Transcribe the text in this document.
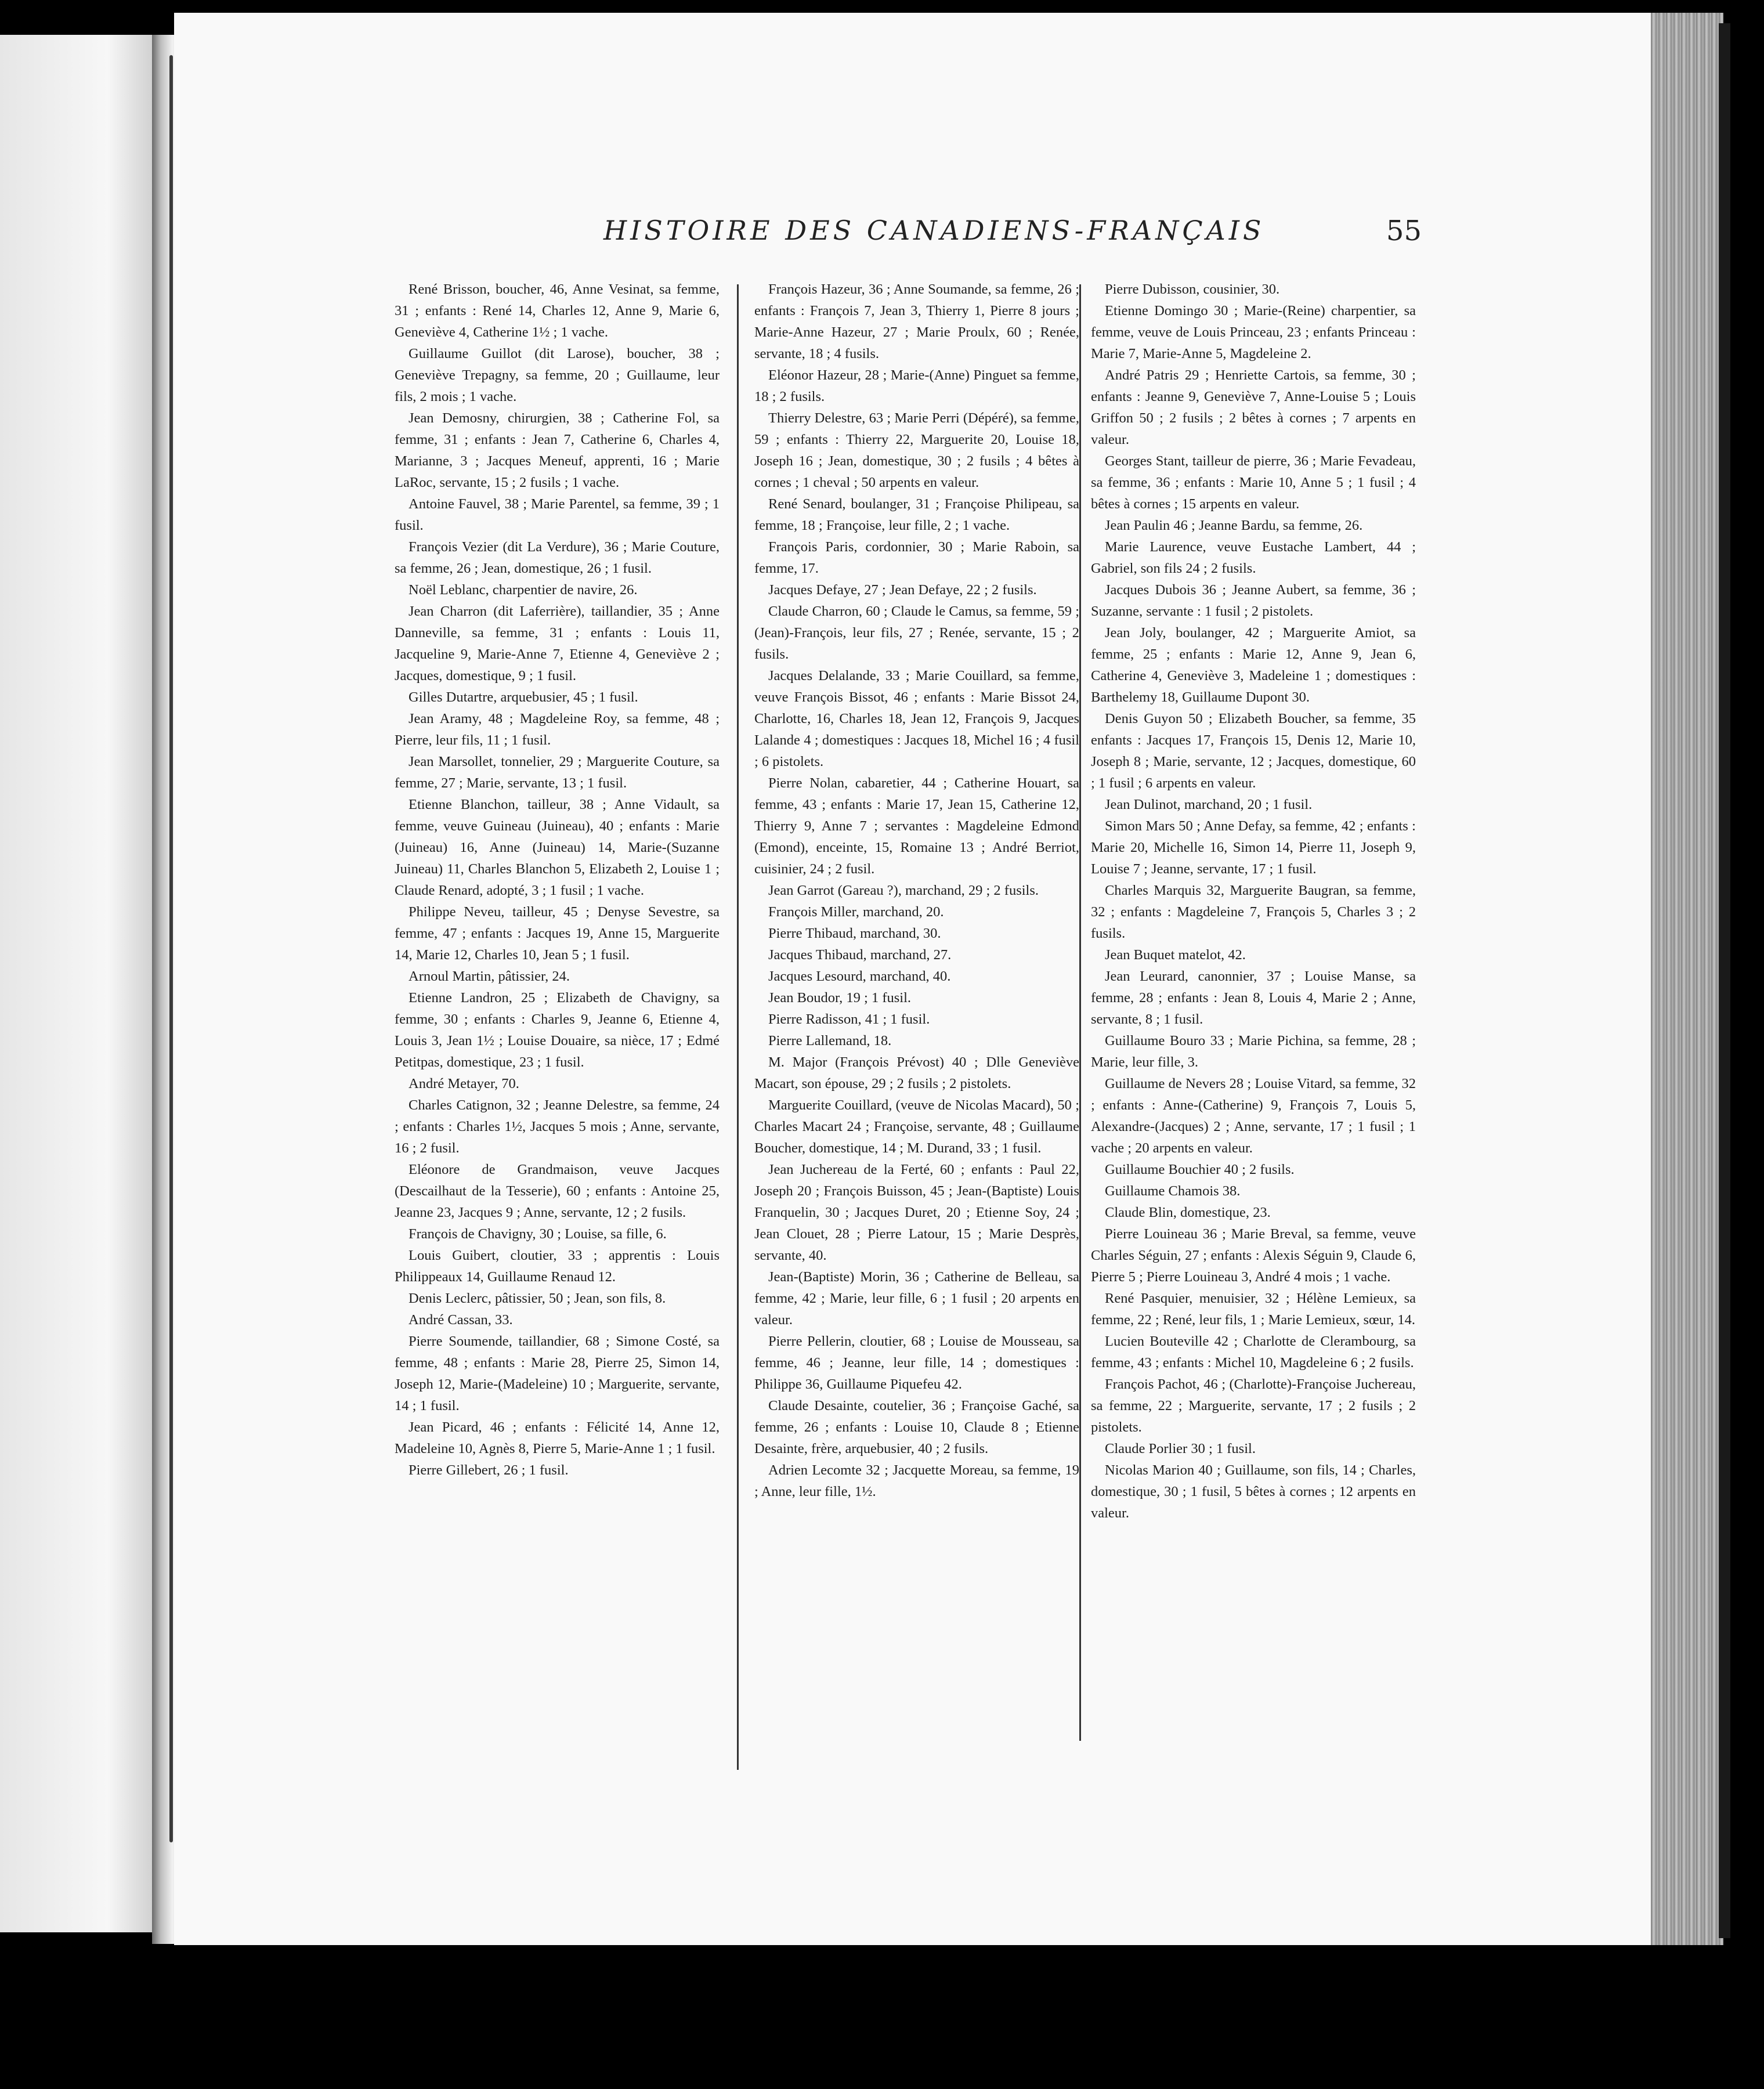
HISTOIRE DES CANADIENS-FRANÇAIS	55

René Brisson, boucher, 46, Anne Vesinat, sa femme, 31 ; enfants : René 14, Charles 12, Anne 9, Marie 6, Geneviève 4, Catherine 1½ ; 1 vache.

Guillaume Guillot (dit Larose), boucher, 38 ; Geneviève Trepagny, sa femme, 20 ; Guillaume, leur fils, 2 mois ; 1 vache.

Jean Demosny, chirurgien, 38 ; Catherine Fol, sa femme, 31 ; enfants : Jean 7, Catherine 6, Charles 4, Marianne, 3 ; Jacques Meneuf, apprenti, 16 ; Marie LaRoc, servante, 15 ; 2 fusils ; 1 vache.

Antoine Fauvel, 38 ; Marie Parentel, sa femme, 39 ; 1 fusil.

François Vezier (dit La Verdure), 36 ; Marie Couture, sa femme, 26 ; Jean, domestique, 26 ; 1 fusil.

Noël Leblanc, charpentier de navire, 26.

Jean Charron (dit Laferrière), taillandier, 35 ; Anne Danneville, sa femme, 31 ; enfants : Louis 11, Jacqueline 9, Marie-Anne 7, Etienne 4, Geneviève 2 ; Jacques, domestique, 9 ; 1 fusil.

Gilles Dutartre, arquebusier, 45 ; 1 fusil.

Jean Aramy, 48 ; Magdeleine Roy, sa femme, 48 ; Pierre, leur fils, 11 ; 1 fusil.

Jean Marsollet, tonnelier, 29 ; Marguerite Couture, sa femme, 27 ; Marie, servante, 13 ; 1 fusil.

Etienne Blanchon, tailleur, 38 ; Anne Vidault, sa femme, veuve Guineau (Juineau), 40 ; enfants : Marie (Juineau) 16, Anne (Juineau) 14, Marie-(Suzanne Juineau) 11, Charles Blanchon 5, Elizabeth 2, Louise 1 ; Claude Renard, adopté, 3 ; 1 fusil ; 1 vache.

Philippe Neveu, tailleur, 45 ; Denyse Sevestre, sa femme, 47 ; enfants : Jacques 19, Anne 15, Marguerite 14, Marie 12, Charles 10, Jean 5 ; 1 fusil.

Arnoul Martin, pâtissier, 24.

Etienne Landron, 25 ; Elizabeth de Chavigny, sa femme, 30 ; enfants : Charles 9, Jeanne 6, Etienne 4, Louis 3, Jean 1½ ; Louise Douaire, sa nièce, 17 ; Edmé Petitpas, domestique, 23 ; 1 fusil.

André Metayer, 70.

Charles Catignon, 32 ; Jeanne Delestre, sa femme, 24 ; enfants : Charles 1½, Jacques 5 mois ; Anne, servante, 16 ; 2 fusil.

Eléonore de Grandmaison, veuve Jacques (Descailhaut de la Tesserie), 60 ; enfants : Antoine 25, Jeanne 23, Jacques 9 ; Anne, servante, 12 ; 2 fusils.

François de Chavigny, 30 ; Louise, sa fille, 6.

Louis Guibert, cloutier, 33 ; apprentis : Louis Philippeaux 14, Guillaume Renaud 12.

Denis Leclerc, pâtissier, 50 ; Jean, son fils, 8.

André Cassan, 33.

Pierre Soumende, taillandier, 68 ; Simone Costé, sa femme, 48 ; enfants : Marie 28, Pierre 25, Simon 14, Joseph 12, Marie-(Madeleine) 10 ; Marguerite, servante, 14 ; 1 fusil.

Jean Picard, 46 ; enfants : Félicité 14, Anne 12, Madeleine 10, Agnès 8, Pierre 5, Marie-Anne 1 ; 1 fusil.

Pierre Gillebert, 26 ; 1 fusil.

François Hazeur, 36 ; Anne Soumande, sa femme, 26 ; enfants : François 7, Jean 3, Thierry 1, Pierre 8 jours ; Marie-Anne Hazeur, 27 ; Marie Proulx, 60 ; Renée, servante, 18 ; 4 fusils.

Eléonor Hazeur, 28 ; Marie-(Anne) Pinguet sa femme, 18 ; 2 fusils.

Thierry Delestre, 63 ; Marie Perri (Dépéré), sa femme, 59 ; enfants : Thierry 22, Marguerite 20, Louise 18, Joseph 16 ; Jean, domestique, 30 ; 2 fusils ; 4 bêtes à cornes ; 1 cheval ; 50 arpents en valeur.

René Senard, boulanger, 31 ; Françoise Philipeau, sa femme, 18 ; Françoise, leur fille, 2 ; 1 vache.

François Paris, cordonnier, 30 ; Marie Raboin, sa femme, 17.

Jacques Defaye, 27 ; Jean Defaye, 22 ; 2 fusils.

Claude Charron, 60 ; Claude le Camus, sa femme, 59 ; (Jean)-François, leur fils, 27 ; Renée, servante, 15 ; 2 fusils.

Jacques Delalande, 33 ; Marie Couillard, sa femme, veuve François Bissot, 46 ; enfants : Marie Bissot 24, Charlotte, 16, Charles 18, Jean 12, François 9, Jacques Lalande 4 ; domestiques : Jacques 18, Michel 16 ; 4 fusil ; 6 pistolets.

Pierre Nolan, cabaretier, 44 ; Catherine Houart, sa femme, 43 ; enfants : Marie 17, Jean 15, Catherine 12, Thierry 9, Anne 7 ; servantes : Magdeleine Edmond (Emond), enceinte, 15, Romaine 13 ; André Berriot, cuisinier, 24 ; 2 fusil.

Jean Garrot (Gareau ?), marchand, 29 ; 2 fusils.

François Miller, marchand, 20.

Pierre Thibaud, marchand, 30.

Jacques Thibaud, marchand, 27.

Jacques Lesourd, marchand, 40.

Jean Boudor, 19 ; 1 fusil.

Pierre Radisson, 41 ; 1 fusil.

Pierre Lallemand, 18.

M. Major (François Prévost) 40 ; Dlle Geneviève Macart, son épouse, 29 ; 2 fusils ; 2 pistolets.

Marguerite Couillard, (veuve de Nicolas Macard), 50 ; Charles Macart 24 ; Françoise, servante, 48 ; Guillaume Boucher, domestique, 14 ; M. Durand, 33 ; 1 fusil.

Jean Juchereau de la Ferté, 60 ; enfants : Paul 22, Joseph 20 ; François Buisson, 45 ; Jean-(Baptiste) Louis Franquelin, 30 ; Jacques Duret, 20 ; Etienne Soy, 24 ; Jean Clouet, 28 ; Pierre Latour, 15 ; Marie Desprès, servante, 40.

Jean-(Baptiste) Morin, 36 ; Catherine de Belleau, sa femme, 42 ; Marie, leur fille, 6 ; 1 fusil ; 20 arpents en valeur.

Pierre Pellerin, cloutier, 68 ; Louise de Mousseau, sa femme, 46 ; Jeanne, leur fille, 14 ; domestiques : Philippe 36, Guillaume Piquefeu 42.

Claude Desainte, coutelier, 36 ; Françoise Gaché, sa femme, 26 ; enfants : Louise 10, Claude 8 ; Etienne Desainte, frère, arquebusier, 40 ; 2 fusils.

Adrien Lecomte 32 ; Jacquette Moreau, sa femme, 19 ; Anne, leur fille, 1½.

Pierre Dubisson, cousinier, 30.

Etienne Domingo 30 ; Marie-(Reine) charpentier, sa femme, veuve de Louis Princeau, 23 ; enfants Princeau : Marie 7, Marie-Anne 5, Magdeleine 2.

André Patris 29 ; Henriette Cartois, sa femme, 30 ; enfants : Jeanne 9, Geneviève 7, Anne-Louise 5 ; Louis Griffon 50 ; 2 fusils ; 2 bêtes à cornes ; 7 arpents en valeur.

Georges Stant, tailleur de pierre, 36 ; Marie Fevadeau, sa femme, 36 ; enfants : Marie 10, Anne 5 ; 1 fusil ; 4 bêtes à cornes ; 15 arpents en valeur.

Jean Paulin 46 ; Jeanne Bardu, sa femme, 26.

Marie Laurence, veuve Eustache Lambert, 44 ; Gabriel, son fils 24 ; 2 fusils.

Jacques Dubois 36 ; Jeanne Aubert, sa femme, 36 ; Suzanne, servante : 1 fusil ; 2 pistolets.

Jean Joly, boulanger, 42 ; Marguerite Amiot, sa femme, 25 ; enfants : Marie 12, Anne 9, Jean 6, Catherine 4, Geneviève 3, Madeleine 1 ; domestiques : Barthelemy 18, Guillaume Dupont 30.

Denis Guyon 50 ; Elizabeth Boucher, sa femme, 35 enfants : Jacques 17, François 15, Denis 12, Marie 10, Joseph 8 ; Marie, servante, 12 ; Jacques, domestique, 60 ; 1 fusil ; 6 arpents en valeur.

Jean Dulinot, marchand, 20 ; 1 fusil.

Simon Mars 50 ; Anne Defay, sa femme, 42 ; enfants : Marie 20, Michelle 16, Simon 14, Pierre 11, Joseph 9, Louise 7 ; Jeanne, servante, 17 ; 1 fusil.

Charles Marquis 32, Marguerite Baugran, sa femme, 32 ; enfants : Magdeleine 7, François 5, Charles 3 ; 2 fusils.

Jean Buquet matelot, 42.

Jean Leurard, canonnier, 37 ; Louise Manse, sa femme, 28 ; enfants : Jean 8, Louis 4, Marie 2 ; Anne, servante, 8 ; 1 fusil.

Guillaume Bouro 33 ; Marie Pichina, sa femme, 28 ; Marie, leur fille, 3.

Guillaume de Nevers 28 ; Louise Vitard, sa femme, 32 ; enfants : Anne-(Catherine) 9, François 7, Louis 5, Alexandre-(Jacques) 2 ; Anne, servante, 17 ; 1 fusil ; 1 vache ; 20 arpents en valeur.

Guillaume Bouchier 40 ; 2 fusils.

Guillaume Chamois 38.

Claude Blin, domestique, 23.

Pierre Louineau 36 ; Marie Breval, sa femme, veuve Charles Séguin, 27 ; enfants : Alexis Séguin 9, Claude 6, Pierre 5 ; Pierre Louineau 3, André 4 mois ; 1 vache.

René Pasquier, menuisier, 32 ; Hélène Lemieux, sa femme, 22 ; René, leur fils, 1 ; Marie Lemieux, sœur, 14.

Lucien Bouteville 42 ; Charlotte de Clerambourg, sa femme, 43 ; enfants : Michel 10, Magdeleine 6 ; 2 fusils.

François Pachot, 46 ; (Charlotte)-Françoise Juchereau, sa femme, 22 ; Marguerite, servante, 17 ; 2 fusils ; 2 pistolets.

Claude Porlier 30 ; 1 fusil.

Nicolas Marion 40 ; Guillaume, son fils, 14 ; Charles, domestique, 30 ; 1 fusil, 5 bêtes à cornes ; 12 arpents en valeur.
